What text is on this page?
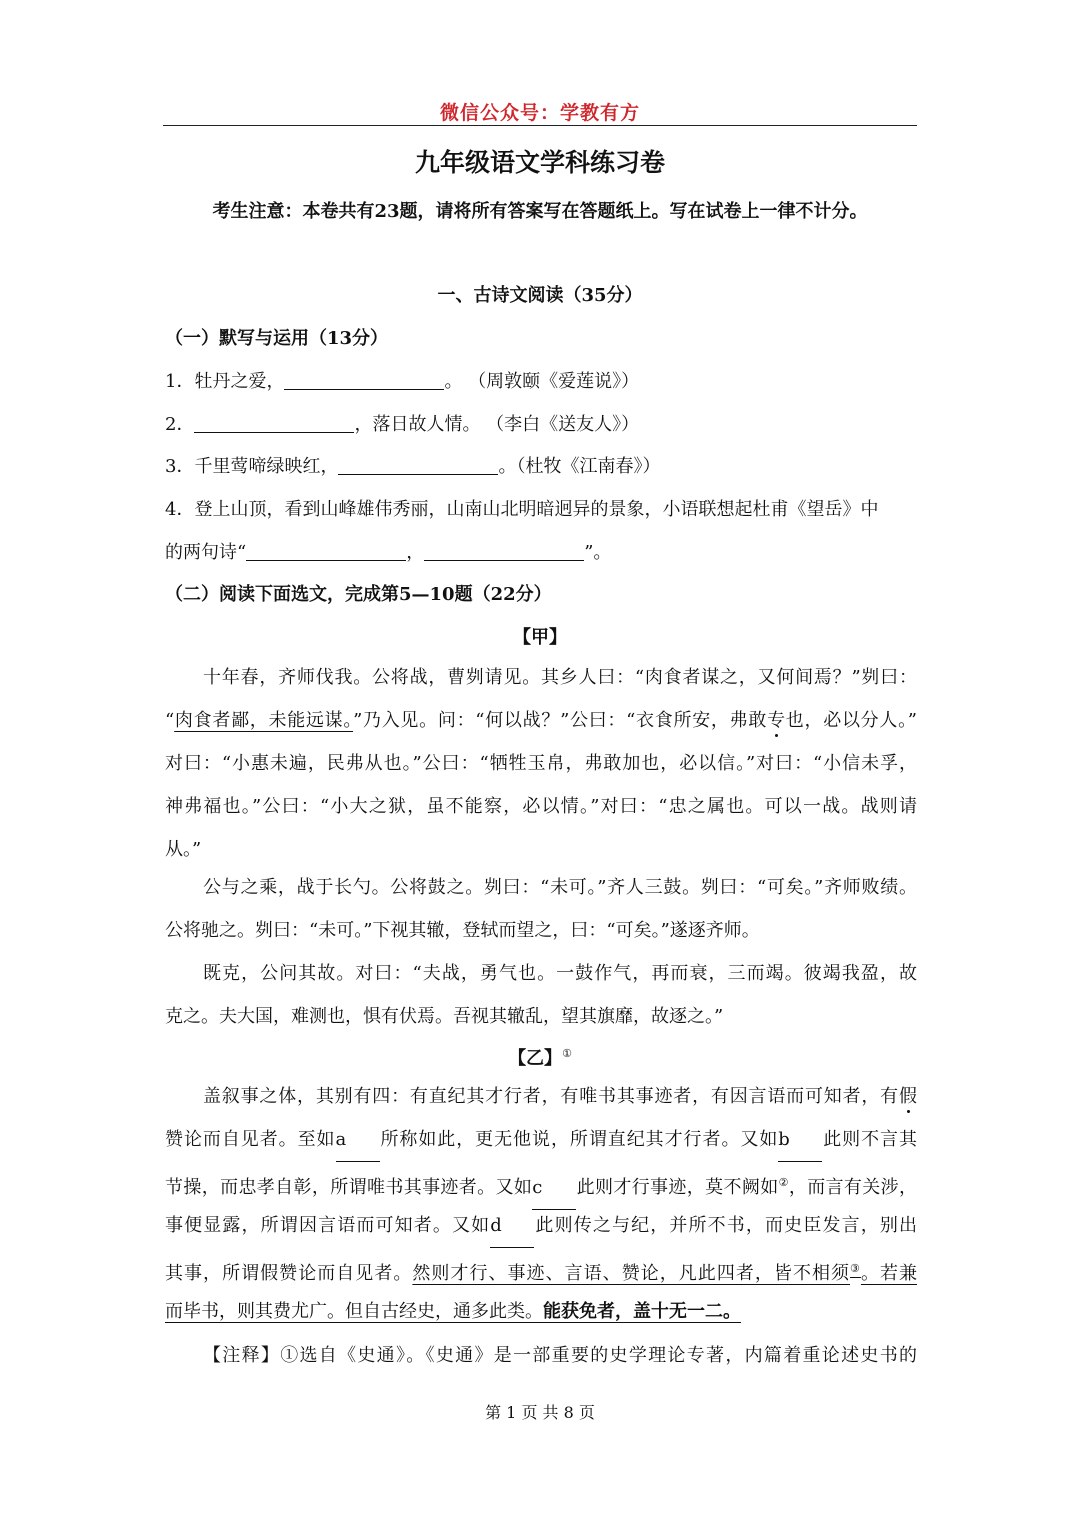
微信公众号：学教有方
九年级语文学科练习卷
考生注意：本卷共有23题，请将所有答案写在答题纸上。写在试卷上一律不计分。
一、古诗文阅读（35分）
（一）默写与运用（13分）
1．牡丹之爱，	。 （周敦颐《爱莲说》）
2．	，落日故人情。 （李白《送友人》）
3．千里莺啼绿映红，	。（杜牧《江南春》）
4．登上山顶，看到山峰雄伟秀丽，山南山北明暗迥异的景象，小语联想起杜甫《望岳》中
的两句诗“	，	”。
（二）阅读下面选文，完成第5—10题（22分）
【甲】
十年春，齐师伐我。公将战，曹刿请见。其乡人曰：“肉食者谋之，又何间焉？”刿曰：
“肉食者鄙，未能远谋。”乃入见。问：“何以战？”公曰：“衣食所安，弗敢专也，必以分人。”
对曰：“小惠未遍，民弗从也。”公曰：“牺牲玉帛，弗敢加也，必以信。”对曰：“小信未孚，
神弗福也。”公曰：“小大之狱，虽不能察，必以情。”对曰：“忠之属也。可以一战。战则请
从。”
公与之乘，战于长勺。公将鼓之。刿曰：“未可。”齐人三鼓。刿曰：“可矣。”齐师败绩。
公将驰之。刿曰：“未可。”下视其辙，登轼而望之，曰：“可矣。”遂逐齐师。
既克，公问其故。对曰：“夫战，勇气也。一鼓作气，再而衰，三而竭。彼竭我盈，故
克之。夫大国，难测也，惧有伏焉。吾视其辙乱，望其旗靡，故逐之。”
【乙】①
盖叙事之体，其别有四：有直纪其才行者，有唯书其事迹者，有因言语而可知者，有假
赞论而自见者。至如a 所称如此，更无他说，所谓直纪其才行者。又如b 此则不言其
节操，而忠孝自彰，所谓唯书其事迹者。又如c 此则才行事迹，莫不阙如②，而言有关涉，
事便显露，所谓因言语而可知者。又如d 此则传之与纪，并所不书，而史臣发言，别出
其事，所谓假赞论而自见者。然则才行、事迹、言语、赞论，凡此四者，皆不相须③。若兼
而毕书，则其费尤广。但自古经史，通多此类。能获免者，盖十无一二。
【注释】①选自《史通》。《史通》是一部重要的史学理论专著，内篇着重论述史书的
第 1 页 共 8 页
